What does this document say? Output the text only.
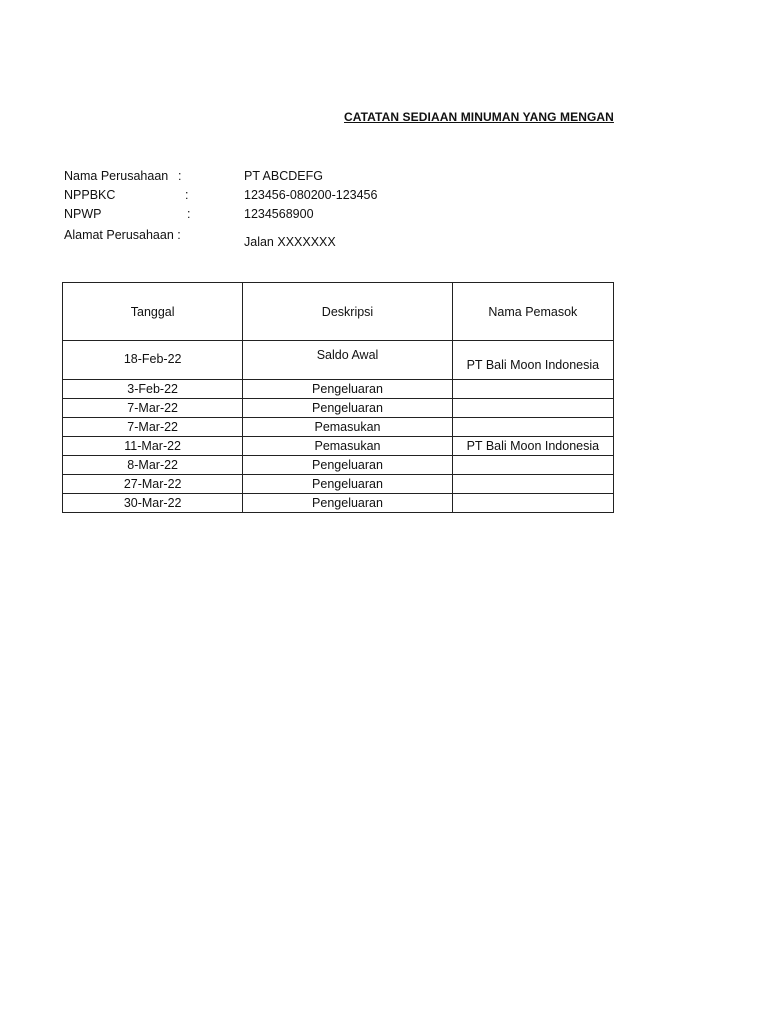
CATATAN SEDIAAN MINUMAN YANG MENGAN
Nama Perusahaan :	PT ABCDEFG
NPPBKC	:	123456-080200-123456
NPWP	:	1234568900
Alamat Perusahaan :	Jalan XXXXXXX
Tanggal	Deskripsi	Nama Pemasok

18-Feb-22	Saldo Awal	PT Bali Moon Indonesia

3-Feb-22	Pengeluaran	
7-Mar-22	Pengeluaran	
7-Mar-22	Pemasukan	
11-Mar-22	Pemasukan	PT Bali Moon Indonesia
8-Mar-22	Pengeluaran	
27-Mar-22	Pengeluaran	
30-Mar-22	Pengeluaran	
